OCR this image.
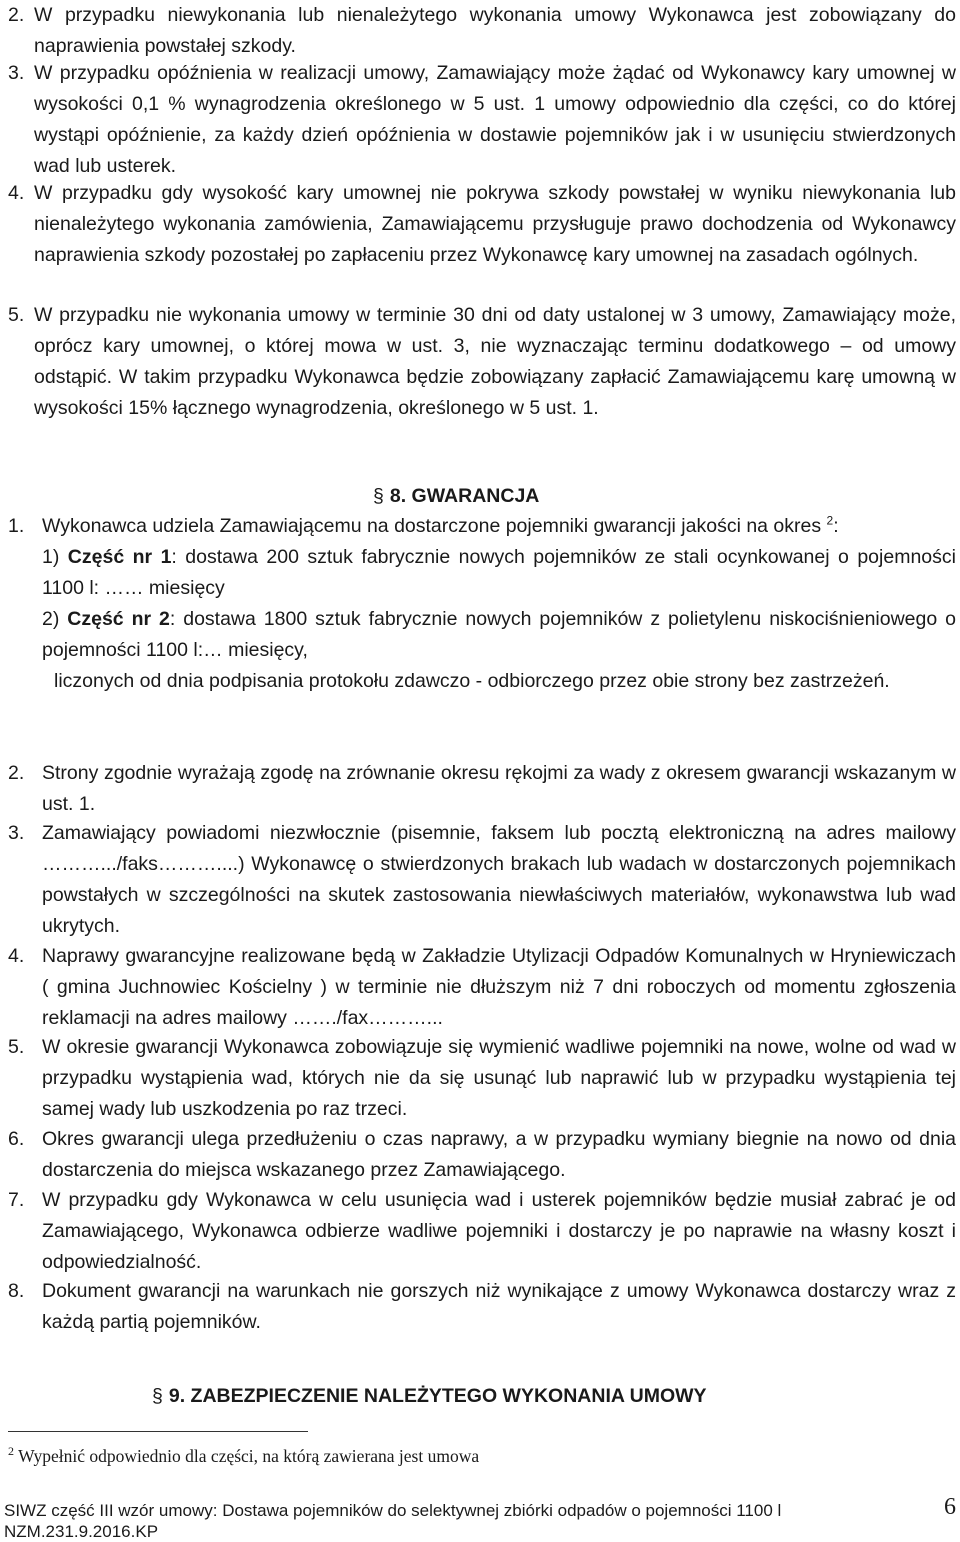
2. W przypadku niewykonania lub nienależytego wykonania umowy Wykonawca jest zobowiązany do naprawienia powstałej szkody.
3. W przypadku opóźnienia w realizacji umowy, Zamawiający może żądać od Wykonawcy kary umownej w wysokości 0,1 % wynagrodzenia określonego w 5 ust. 1 umowy odpowiednio dla części, co do której wystąpi opóźnienie, za każdy dzień opóźnienia w dostawie pojemników jak i w usunięciu stwierdzonych wad lub usterek.
4. W przypadku gdy wysokość kary umownej nie pokrywa szkody powstałej w wyniku niewykonania lub nienależytego wykonania zamówienia, Zamawiającemu przysługuje prawo dochodzenia od Wykonawcy naprawienia szkody pozostałej po zapłaceniu przez Wykonawcę kary umownej na zasadach ogólnych.
5. W przypadku nie wykonania umowy w terminie 30 dni od daty ustalonej w 3 umowy, Zamawiający może, oprócz kary umownej, o której mowa w ust. 3, nie wyznaczając terminu dodatkowego – od umowy odstąpić. W takim przypadku Wykonawca będzie zobowiązany zapłacić Zamawiającemu karę umowną w wysokości 15% łącznego wynagrodzenia, określonego w 5 ust. 1.
§ 8. GWARANCJA
1. Wykonawca udziela Zamawiającemu na dostarczone pojemniki gwarancji jakości na okres $^2$:
1) Część nr 1: dostawa 200 sztuk fabrycznie nowych pojemników ze stali ocynkowanej o pojemności 1100 l: …… miesięcy
2) Część nr 2: dostawa 1800 sztuk fabrycznie nowych pojemników z polietylenu niskociśnieniowego o pojemności 1100 l:… miesięcy,
liczonych od dnia podpisania protokołu zdawczo - odbiorczego przez obie strony bez zastrzeżeń.
2. Strony zgodnie wyrażają zgodę na zrównanie okresu rękojmi za wady z okresem gwarancji wskazanym w ust. 1.
3. Zamawiający powiadomi niezwłocznie (pisemnie, faksem lub pocztą elektroniczną na adres mailowy ……….../faks………....) Wykonawcę o stwierdzonych brakach lub wadach w dostarczonych pojemnikach powstałych w szczególności na skutek zastosowania niewłaściwych materiałów, wykonawstwa lub wad ukrytych.
4. Naprawy gwarancyjne realizowane będą w Zakładzie Utylizacji Odpadów Komunalnych w Hryniewiczach ( gmina Juchnowiec Kościelny ) w terminie nie dłuższym niż 7 dni roboczych od momentu zgłoszenia reklamacji na adres mailowy ……./fax………...
5. W okresie gwarancji Wykonawca zobowiązuje się wymienić wadliwe pojemniki na nowe, wolne od wad w przypadku wystąpienia wad, których nie da się usunąć lub naprawić lub w przypadku wystąpienia tej samej wady lub uszkodzenia po raz trzeci.
6. Okres gwarancji ulega przedłużeniu o czas naprawy, a w przypadku wymiany biegnie na nowo od dnia dostarczenia do miejsca wskazanego przez Zamawiającego.
7. W przypadku gdy Wykonawca w celu usunięcia wad i usterek pojemników będzie musiał zabrać je od Zamawiającego, Wykonawca odbierze wadliwe pojemniki i dostarczy je po naprawie na własny koszt i odpowiedzialność.
8. Dokument gwarancji na warunkach nie gorszych niż wynikające z umowy Wykonawca dostarczy wraz z każdą partią pojemników.
§ 9. ZABEZPIECZENIE NALEŻYTEGO WYKONANIA UMOWY
$^2$ Wypełnić odpowiednio dla części, na którą zawierana jest umowa
6
SIWZ część III wzór umowy: Dostawa pojemników do selektywnej zbiórki odpadów o pojemności 1100 l
NZM.231.9.2016.KP
